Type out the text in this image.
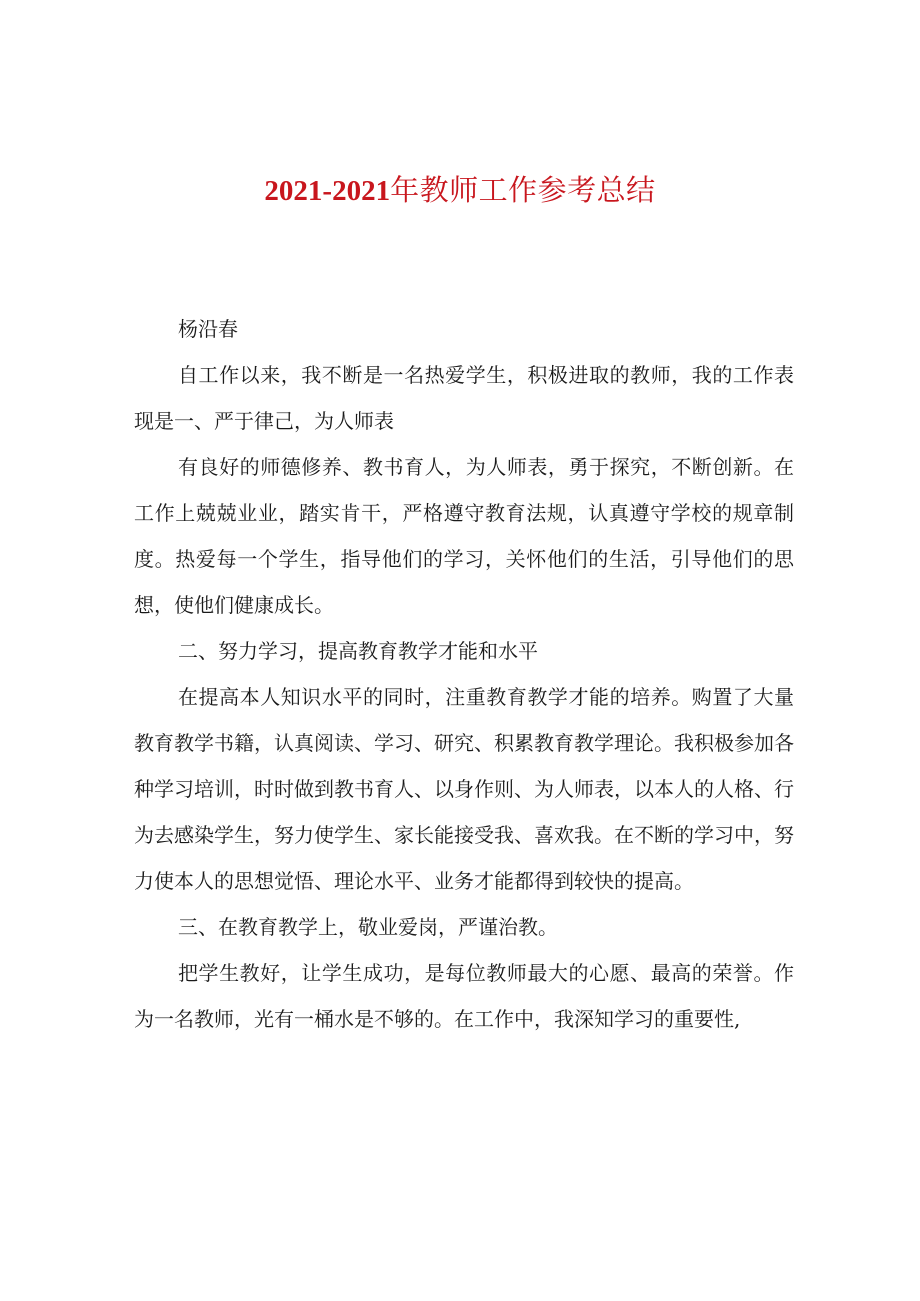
2021-2021年教师工作参考总结

杨沿春

自工作以来，我不断是一名热爱学生，积极进取的教师，我的工作表现是一、严于律己，为人师表

有良好的师德修养、教书育人，为人师表，勇于探究，不断创新。在工作上兢兢业业，踏实肯干，严格遵守教育法规，认真遵守学校的规章制度。热爱每一个学生，指导他们的学习，关怀他们的生活，引导他们的思想，使他们健康成长。

二、努力学习，提高教育教学才能和水平

在提高本人知识水平的同时，注重教育教学才能的培养。购置了大量教育教学书籍，认真阅读、学习、研究、积累教育教学理论。我积极参加各种学习培训，时时做到教书育人、以身作则、为人师表，以本人的人格、行为去感染学生，努力使学生、家长能接受我、喜欢我。在不断的学习中，努力使本人的思想觉悟、理论水平、业务才能都得到较快的提高。

三、在教育教学上，敬业爱岗，严谨治教。

把学生教好，让学生成功，是每位教师最大的心愿、最高的荣誉。作为一名教师，光有一桶水是不够的。在工作中，我深知学习的重要性,
